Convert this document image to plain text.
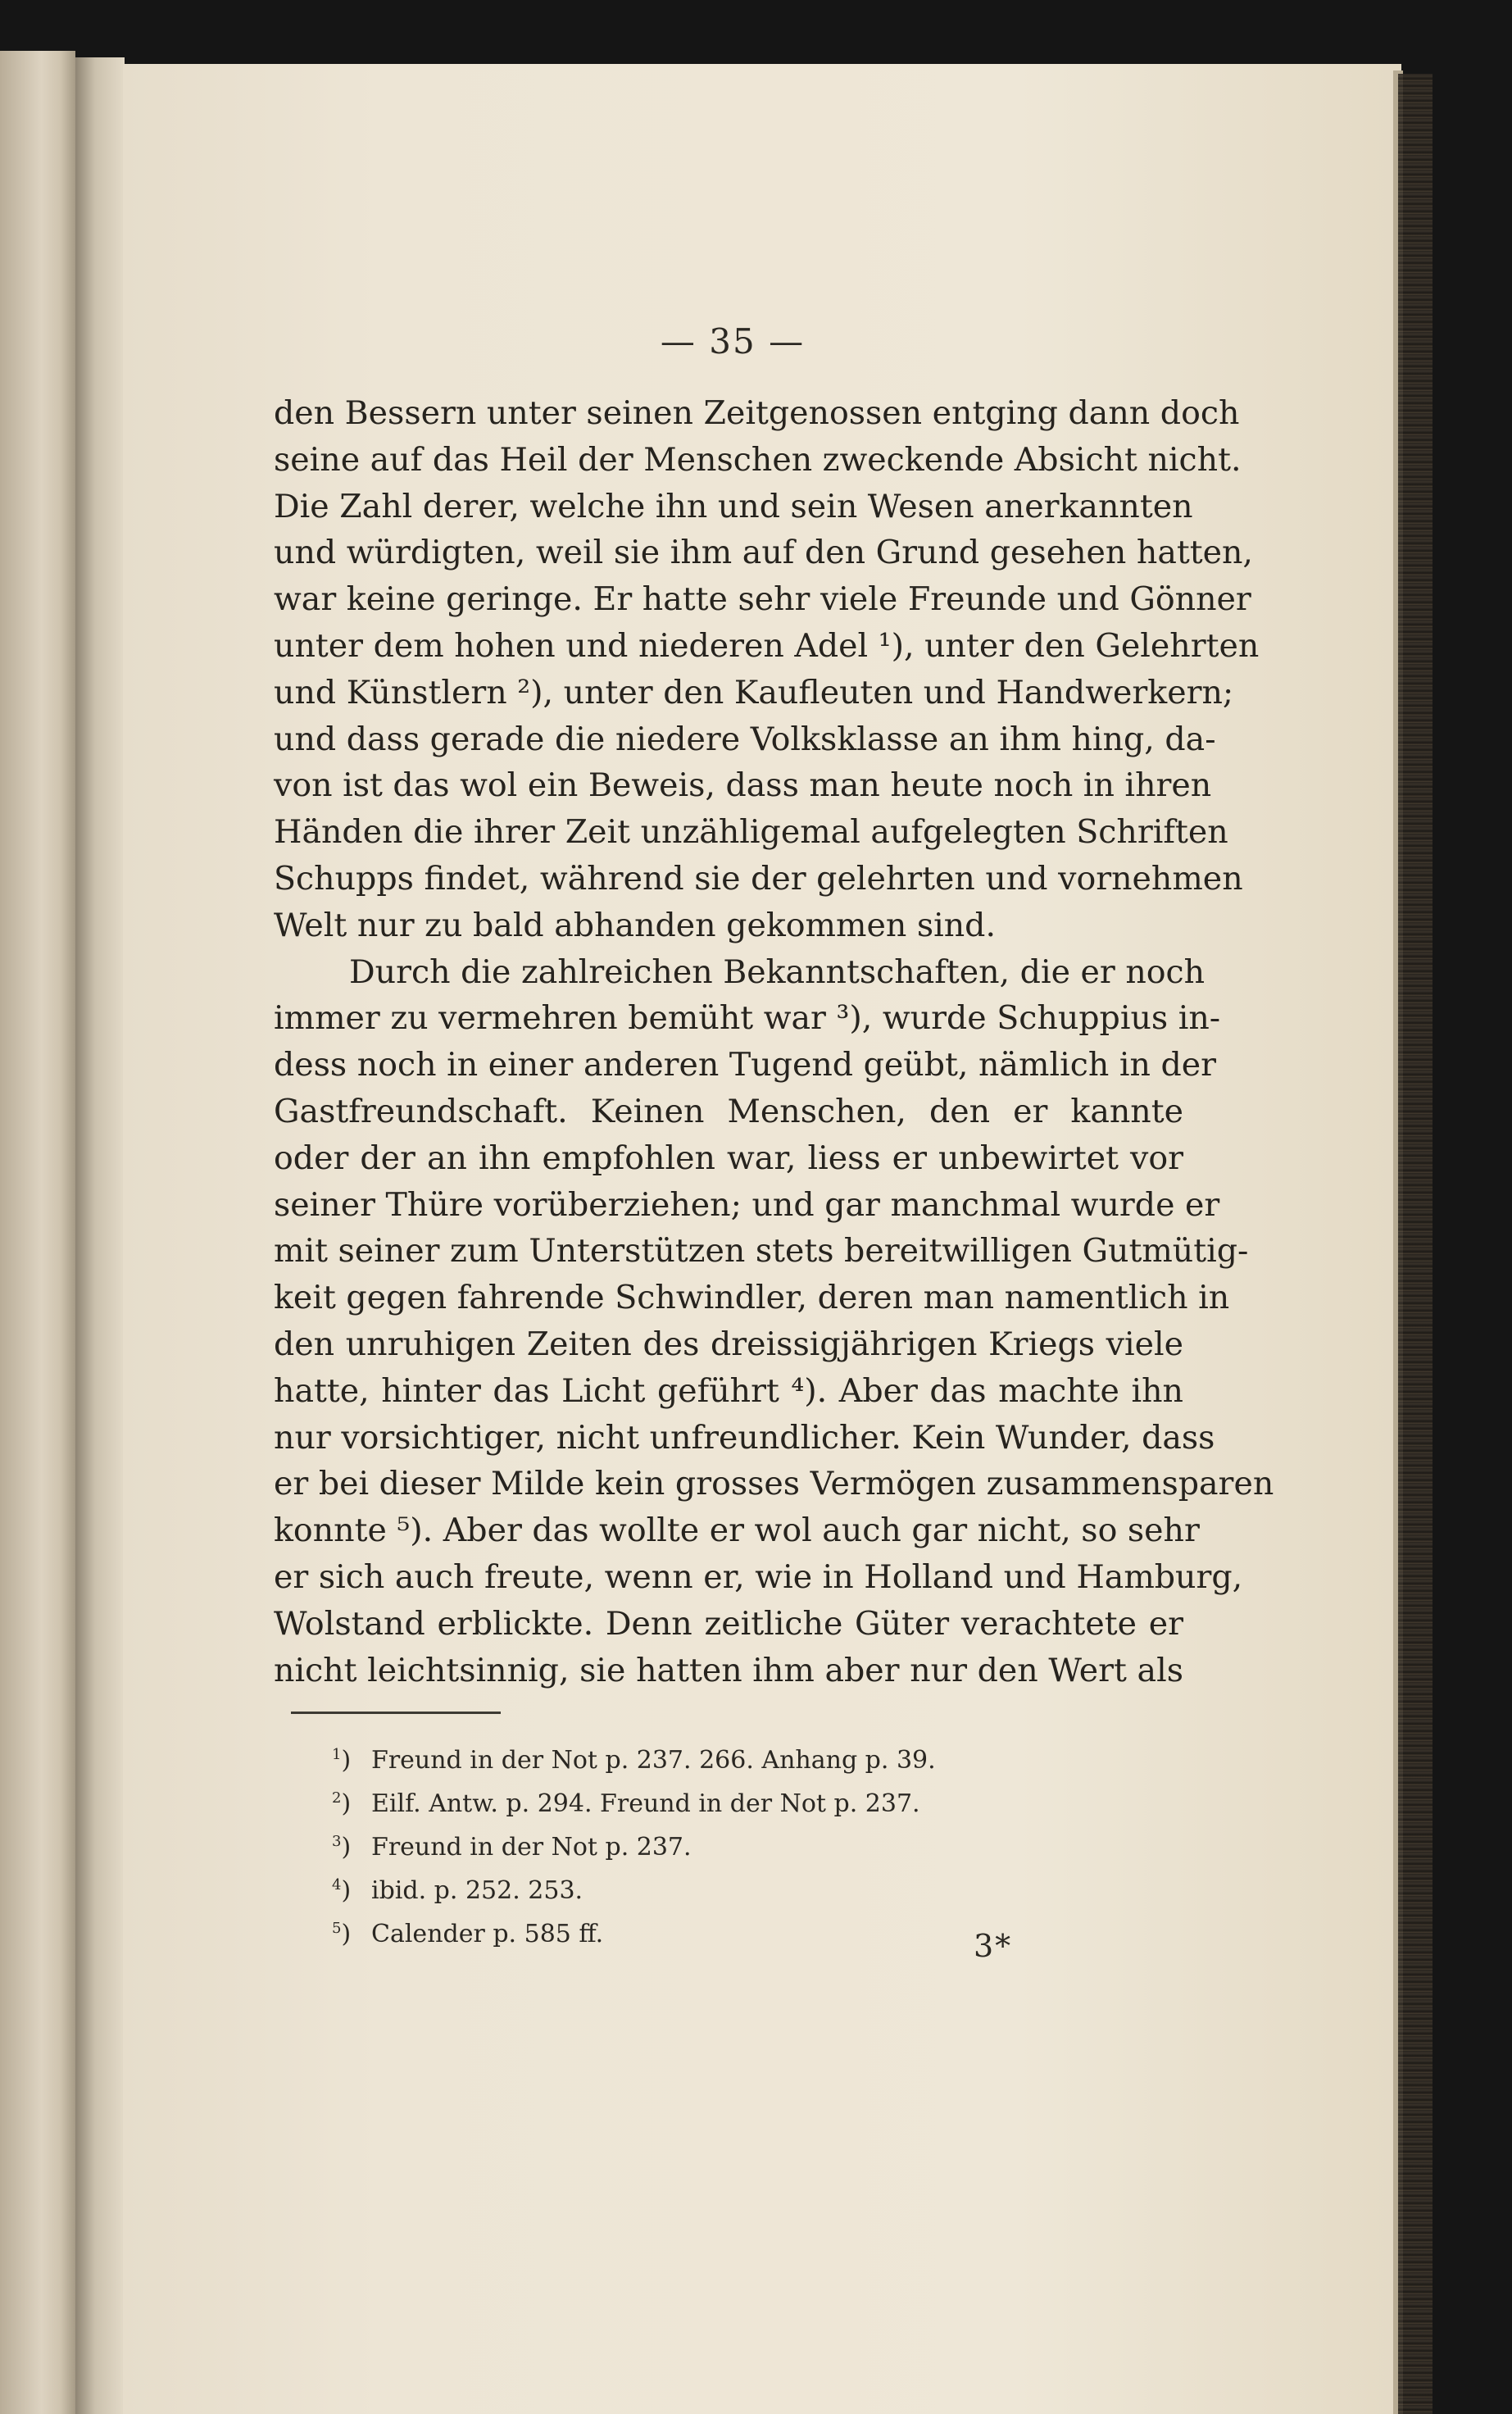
— 35 —
den Bessern unter seinen Zeitgenossen entging dann doch
seine auf das Heil der Menschen zweckende Absicht nicht.
Die Zahl derer, welche ihn und sein Wesen anerkannten
und würdigten, weil sie ihm auf den Grund gesehen hatten,
war keine geringe. Er hatte sehr viele Freunde und Gönner
unter dem hohen und niederen Adel ¹), unter den Gelehrten
und Künstlern ²), unter den Kaufleuten und Handwerkern;
und dass gerade die niedere Volksklasse an ihm hing, da-
von ist das wol ein Beweis, dass man heute noch in ihren
Händen die ihrer Zeit unzähligemal aufgelegten Schriften
Schupps findet, während sie der gelehrten und vornehmen
Welt nur zu bald abhanden gekommen sind.
Durch die zahlreichen Bekanntschaften, die er noch
immer zu vermehren bemüht war ³), wurde Schuppius in-
dess noch in einer anderen Tugend geübt, nämlich in der
Gastfreundschaft. Keinen Menschen, den er kannte
oder der an ihn empfohlen war, liess er unbewirtet vor
seiner Thüre vorüberziehen; und gar manchmal wurde er
mit seiner zum Unterstützen stets bereitwilligen Gutmütig-
keit gegen fahrende Schwindler, deren man namentlich in
den unruhigen Zeiten des dreissigjährigen Kriegs viele
hatte, hinter das Licht geführt ⁴). Aber das machte ihn
nur vorsichtiger, nicht unfreundlicher. Kein Wunder, dass
er bei dieser Milde kein grosses Vermögen zusammensparen
konnte ⁵). Aber das wollte er wol auch gar nicht, so sehr
er sich auch freute, wenn er, wie in Holland und Hamburg,
Wolstand erblickte. Denn zeitliche Güter verachtete er
nicht leichtsinnig, sie hatten ihm aber nur den Wert als
$^1$) Freund in der Not p. 237. 266. Anhang p. 39.
$^2$) Eilf. Antw. p. 294. Freund in der Not p. 237.
$^3$) Freund in der Not p. 237.
$^4$) ibid. p. 252. 253.
$^5$) Calender p. 585 ff.	3*
